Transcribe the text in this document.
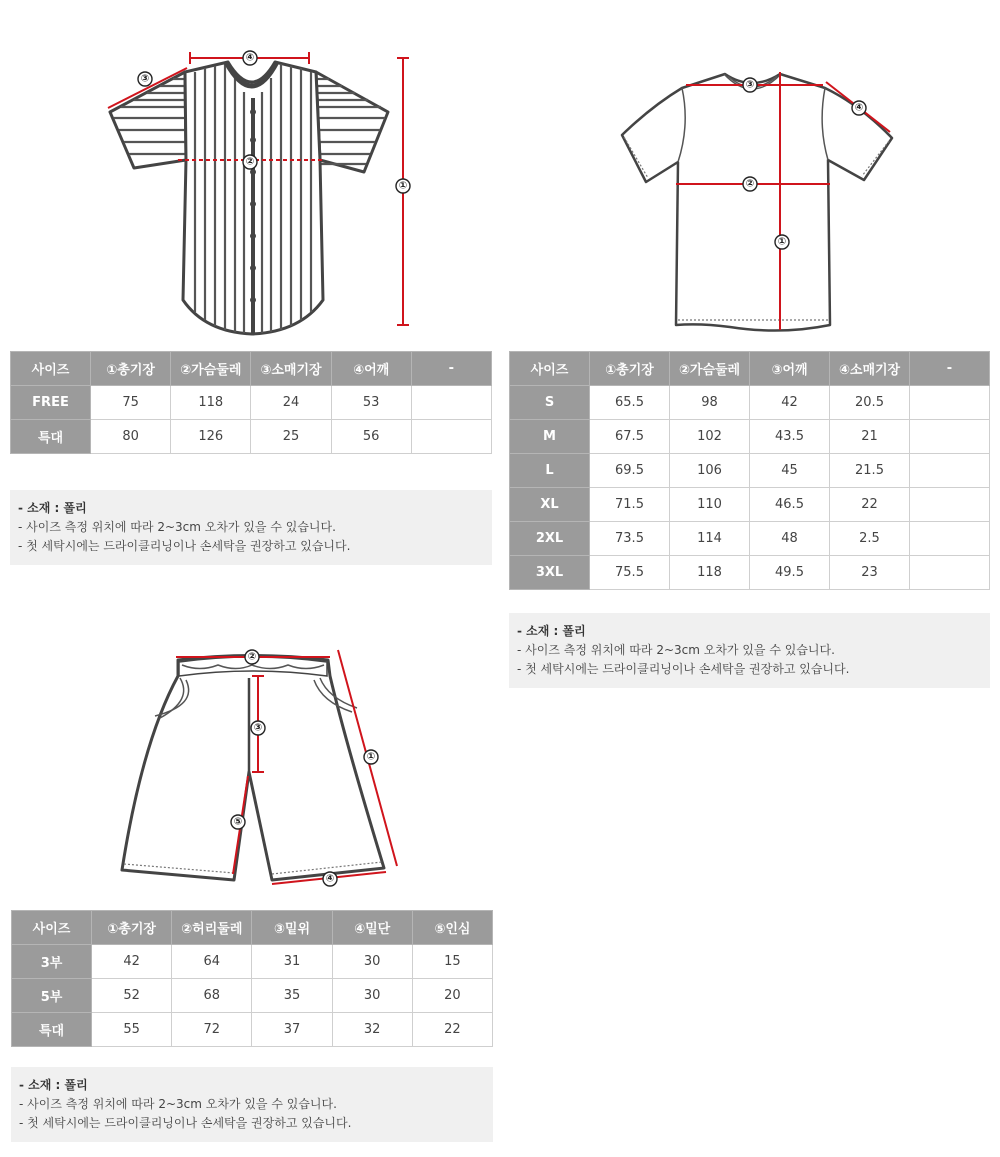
④
③
②
①
③
④
②
①
②
③
①
⑤
④
사이즈	①총기장	②가슴둘레	③소매기장	④어깨	-
FREE	75	118	24	53	
특대	80	126	25	56	
- 소재 : 폴리
- 사이즈 측정 위치에 따라 2~3cm 오차가 있을 수 있습니다.
- 첫 세탁시에는 드라이클리닝이나 손세탁을 권장하고 있습니다.
사이즈	①총기장	②가슴둘레	③어깨	④소매기장	-
S	65.5	98	42	20.5	
M	67.5	102	43.5	21	
L	69.5	106	45	21.5	
XL	71.5	110	46.5	22	
2XL	73.5	114	48	2.5	
3XL	75.5	118	49.5	23	
- 소재 : 폴리
- 사이즈 측정 위치에 따라 2~3cm 오차가 있을 수 있습니다.
- 첫 세탁시에는 드라이클리닝이나 손세탁을 권장하고 있습니다.
사이즈	①총기장	②허리둘레	③밑위	④밑단	⑤인심
3부	42	64	31	30	15
5부	52	68	35	30	20
특대	55	72	37	32	22
- 소재 : 폴리
- 사이즈 측정 위치에 따라 2~3cm 오차가 있을 수 있습니다.
- 첫 세탁시에는 드라이클리닝이나 손세탁을 권장하고 있습니다.
